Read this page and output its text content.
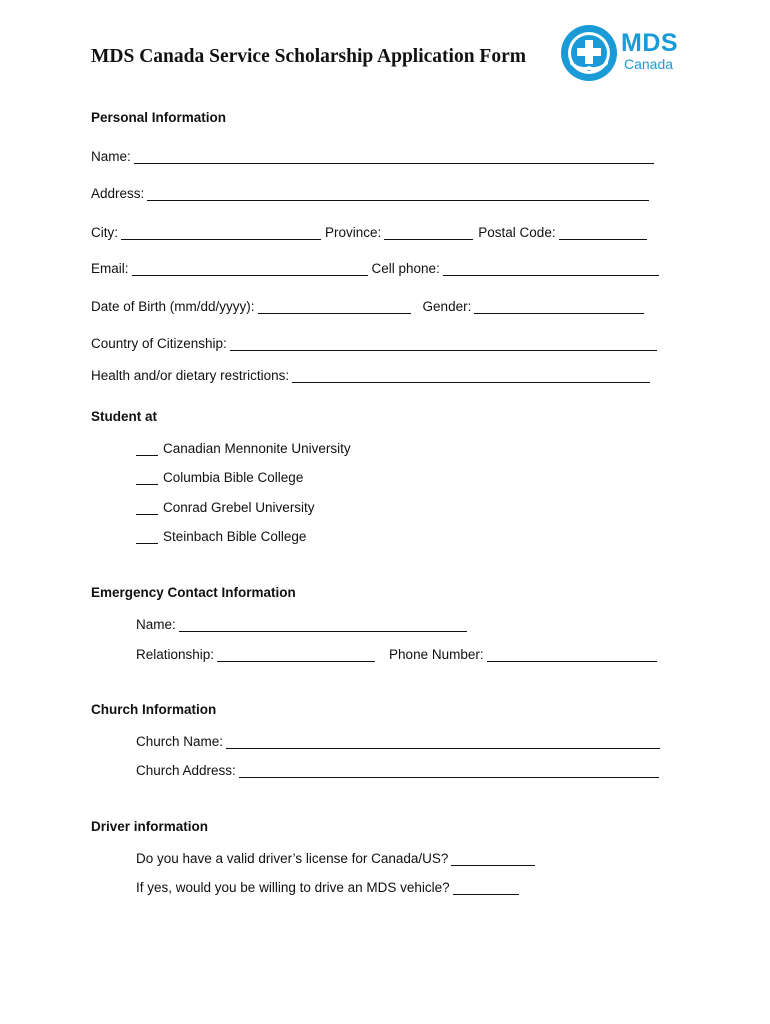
MDS Canada Service Scholarship Application Form	MDS
Canada
Personal Information
Name:
Address:
City:	Province:	Postal Code:
Email:	Cell phone:
Date of Birth (mm/dd/yyyy):	Gender:
Country of Citizenship:
Health and/or dietary restrictions:
Student at
Canadian Mennonite University
Columbia Bible College
Conrad Grebel University
Steinbach Bible College
Emergency Contact Information
Name:
Relationship:	Phone Number:
Church Information
Church Name:
Church Address:
Driver information
Do you have a valid driver’s license for Canada/US?
If yes, would you be willing to drive an MDS vehicle?
